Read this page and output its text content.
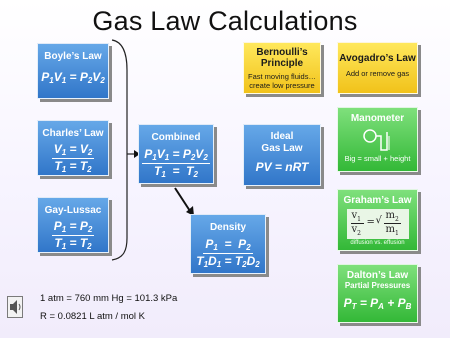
Gas Law Calculations
Boyle’s Law
$P_1V_1 = P_2V_2$
Charles’ Law
$V_1 = V_2$
$T_1 = T_2$
Gay-Lussac
$P_1 = P_2$
$T_1 = T_2$
Combined
$P_1V_1 = P_2V_2$
$T_1 = T_2$
Density
$P_1 = P_2$
$T_1D_1 = T_2D_2$
Ideal
Gas Law
PV = nRT
Bernoulli’s
Principle
Fast moving fluids…
create low pressure
Avogadro’s Law
Add or remove gas
Manometer
Big = small + height
Graham’s Law
$v_1$
$v_2$
= √ $m_2$
$m_1$
diffusion vs. effusion
Dalton’s Law
Partial Pressures
$P_T = P_A + P_B$
1 atm = 760 mm Hg = 101.3 kPa
R = 0.0821 L atm / mol K
